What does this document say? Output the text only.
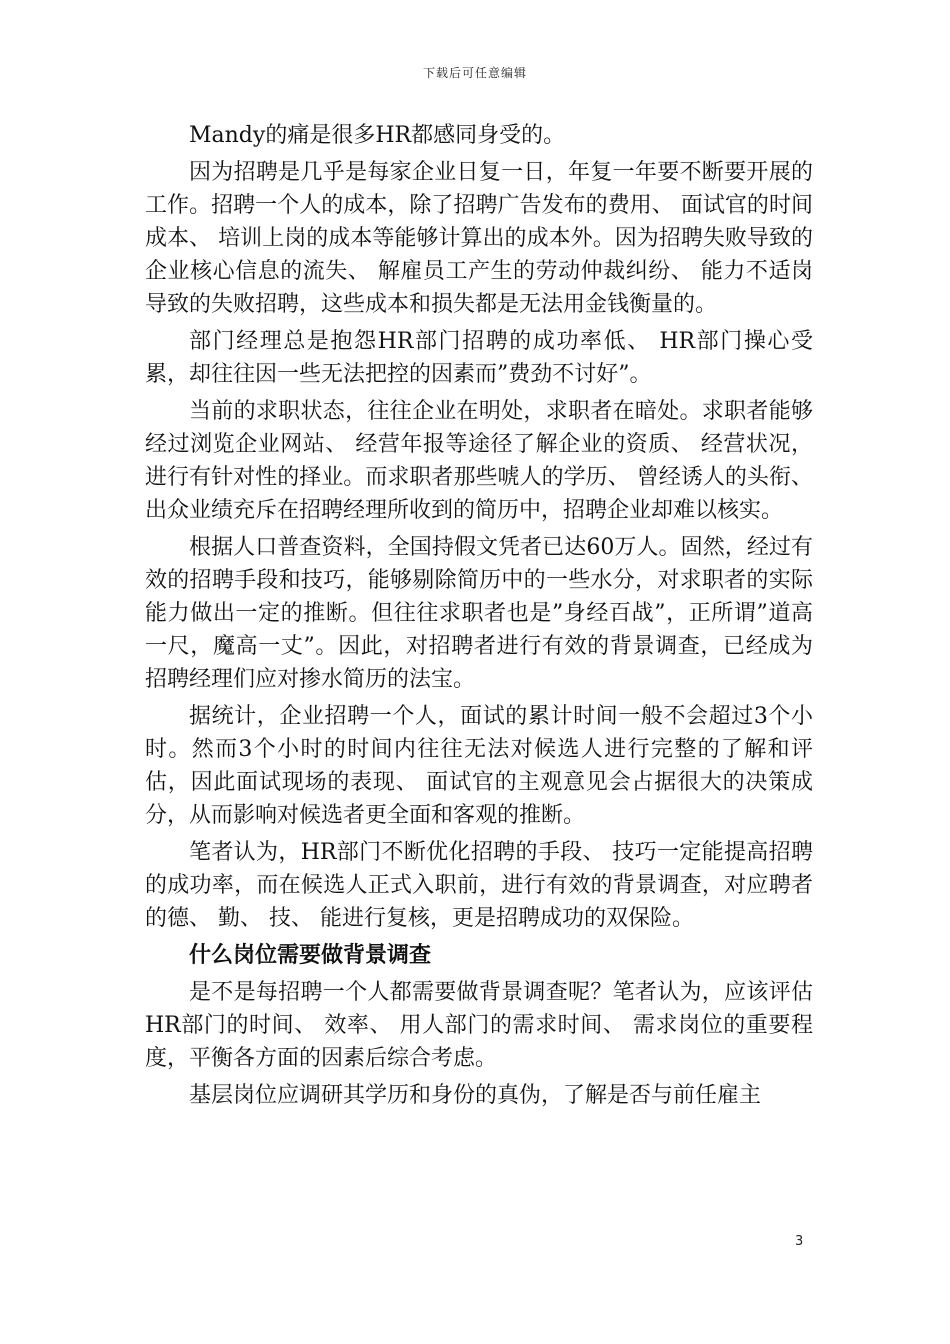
下载后可任意编辑

Mandy的痛是很多HR都感同身受的。

因为招聘是几乎是每家企业日复一日，年复一年要不断要开展的工作。招聘一个人的成本，除了招聘广告发布的费用、 面试官的时间成本、 培训上岗的成本等能够计算出的成本外。因为招聘失败导致的企业核心信息的流失、 解雇员工产生的劳动仲裁纠纷、 能力不适岗导致的失败招聘，这些成本和损失都是无法用金钱衡量的。

部门经理总是抱怨HR部门招聘的成功率低、 HR部门操心受累，却往往因一些无法把控的因素而”费劲不讨好”。

当前的求职状态，往往企业在明处，求职者在暗处。求职者能够经过浏览企业网站、 经营年报等途径了解企业的资质、 经营状况，进行有针对性的择业。而求职者那些唬人的学历、 曾经诱人的头衔、 出众业绩充斥在招聘经理所收到的简历中，招聘企业却难以核实。

根据人口普查资料，全国持假文凭者已达60万人。固然，经过有效的招聘手段和技巧，能够剔除简历中的一些水分，对求职者的实际能力做出一定的推断。但往往求职者也是”身经百战”，正所谓”道高一尺，魔高一丈”。因此，对招聘者进行有效的背景调查，已经成为招聘经理们应对掺水简历的法宝。

据统计，企业招聘一个人，面试的累计时间一般不会超过3个小时。然而3个小时的时间内往往无法对候选人进行完整的了解和评估，因此面试现场的表现、 面试官的主观意见会占据很大的决策成分，从而影响对候选者更全面和客观的推断。

笔者认为，HR部门不断优化招聘的手段、 技巧一定能提高招聘的成功率，而在候选人正式入职前，进行有效的背景调查，对应聘者的德、 勤、 技、 能进行复核，更是招聘成功的双保险。

什么岗位需要做背景调查

是不是每招聘一个人都需要做背景调查呢？笔者认为，应该评估HR部门的时间、 效率、 用人部门的需求时间、 需求岗位的重要程度，平衡各方面的因素后综合考虑。

基层岗位应调研其学历和身份的真伪，了解是否与前任雇主

3
